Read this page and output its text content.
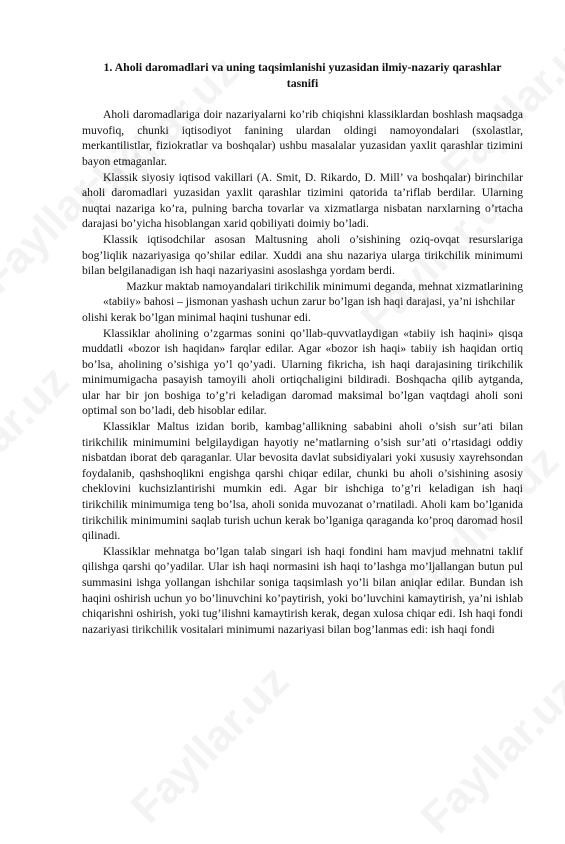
1. Aholi daromadlari va uning taqsimlanishi yuzasidan ilmiy-nazariy qarashlar tasnifi

Aholi daromadlariga doir nazariyalarni ko’rib chiqishni klassiklardan boshlash maqsadga muvofiq, chunki iqtisodiyot fanining ulardan oldingi namoyondalari (sxolastlar, merkantilistlar, fiziokratlar va boshqalar) ushbu masalalar yuzasidan yaxlit qarashlar tizimini bayon etmaganlar.

Klassik siyosiy iqtisod vakillari (A. Smit, D. Rikardo, D. Mill’ va boshqalar) birinchilar aholi daromadlari yuzasidan yaxlit qarashlar tizimini qatorida ta’riflab berdilar. Ularning nuqtai nazariga ko’ra, pulning barcha tovarlar va xizmatlarga nisbatan narxlarning o’rtacha darajasi bo’yicha hisoblangan xarid qobiliyati doimiy bo’ladi.

Klassik iqtisodchilar asosan Maltusning aholi o’sishining oziq-ovqat resurslariga bog’liqlik nazariyasiga qo’shilar edilar. Xuddi ana shu nazariya ularga tirikchilik minimumi bilan belgilanadigan ish haqi nazariyasini asoslashga yordam berdi.

Mazkur maktab namoyandalari tirikchilik minimumi deganda, mehnat xizmatlarining

«tabiiy» bahosi – jismonan yashash uchun zarur bo’lgan ish haqi darajasi, ya’ni ishchilar olishi kerak bo’lgan minimal haqini tushunar edi.

Klassiklar aholining o’zgarmas sonini qo’llab-quvvatlaydigan «tabiiy ish haqini» qisqa muddatli «bozor ish haqidan» farqlar edilar. Agar «bozor ish haqi» tabiiy ish haqidan ortiq bo’lsa, aholining o’sishiga yo’l qo’yadi. Ularning fikricha, ish haqi darajasining tirikchilik minimumigacha pasayish tamoyili aholi ortiqchaligini bildiradi. Boshqacha qilib aytganda, ular har bir jon boshiga to’g’ri keladigan daromad maksimal bo’lgan vaqtdagi aholi soni optimal son bo’ladi, deb hisoblar edilar.

Klassiklar Maltus izidan borib, kambag’allikning sababini aholi o’sish sur’ati bilan tirikchilik minimumini belgilaydigan hayotiy ne’matlarning o’sish sur’ati o’rtasidagi oddiy nisbatdan iborat deb qaraganlar. Ular bevosita davlat subsidiyalari yoki xususiy xayrehsondan foydalanib, qashshoqlikni engishga qarshi chiqar edilar, chunki bu aholi o’sishining asosiy cheklovini kuchsizlantirishi mumkin edi. Agar bir ishchiga to’g’ri keladigan ish haqi tirikchilik minimumiga teng bo’lsa, aholi sonida muvozanat o’rnatiladi. Aholi kam bo’lganida tirikchilik minimumini saqlab turish uchun kerak bo’lganiga qaraganda ko’proq daromad hosil qilinadi.

Klassiklar mehnatga bo’lgan talab singari ish haqi fondini ham mavjud mehnatni taklif qilishga qarshi qo’yadilar. Ular ish haqi normasini ish haqi to’lashga mo’ljallangan butun pul summasini ishga yollangan ishchilar soniga taqsimlash yo’li bilan aniqlar edilar. Bundan ish haqini oshirish uchun yo bo’linuvchini ko’paytirish, yoki bo’luvchini kamaytirish, ya’ni ishlab chiqarishni oshirish, yoki tug’ilishni kamaytirish kerak, degan xulosa chiqar edi. Ish haqi fondi nazariyasi tirikchilik vositalari minimumi nazariyasi bilan bog’lanmas edi: ish haqi fondi
